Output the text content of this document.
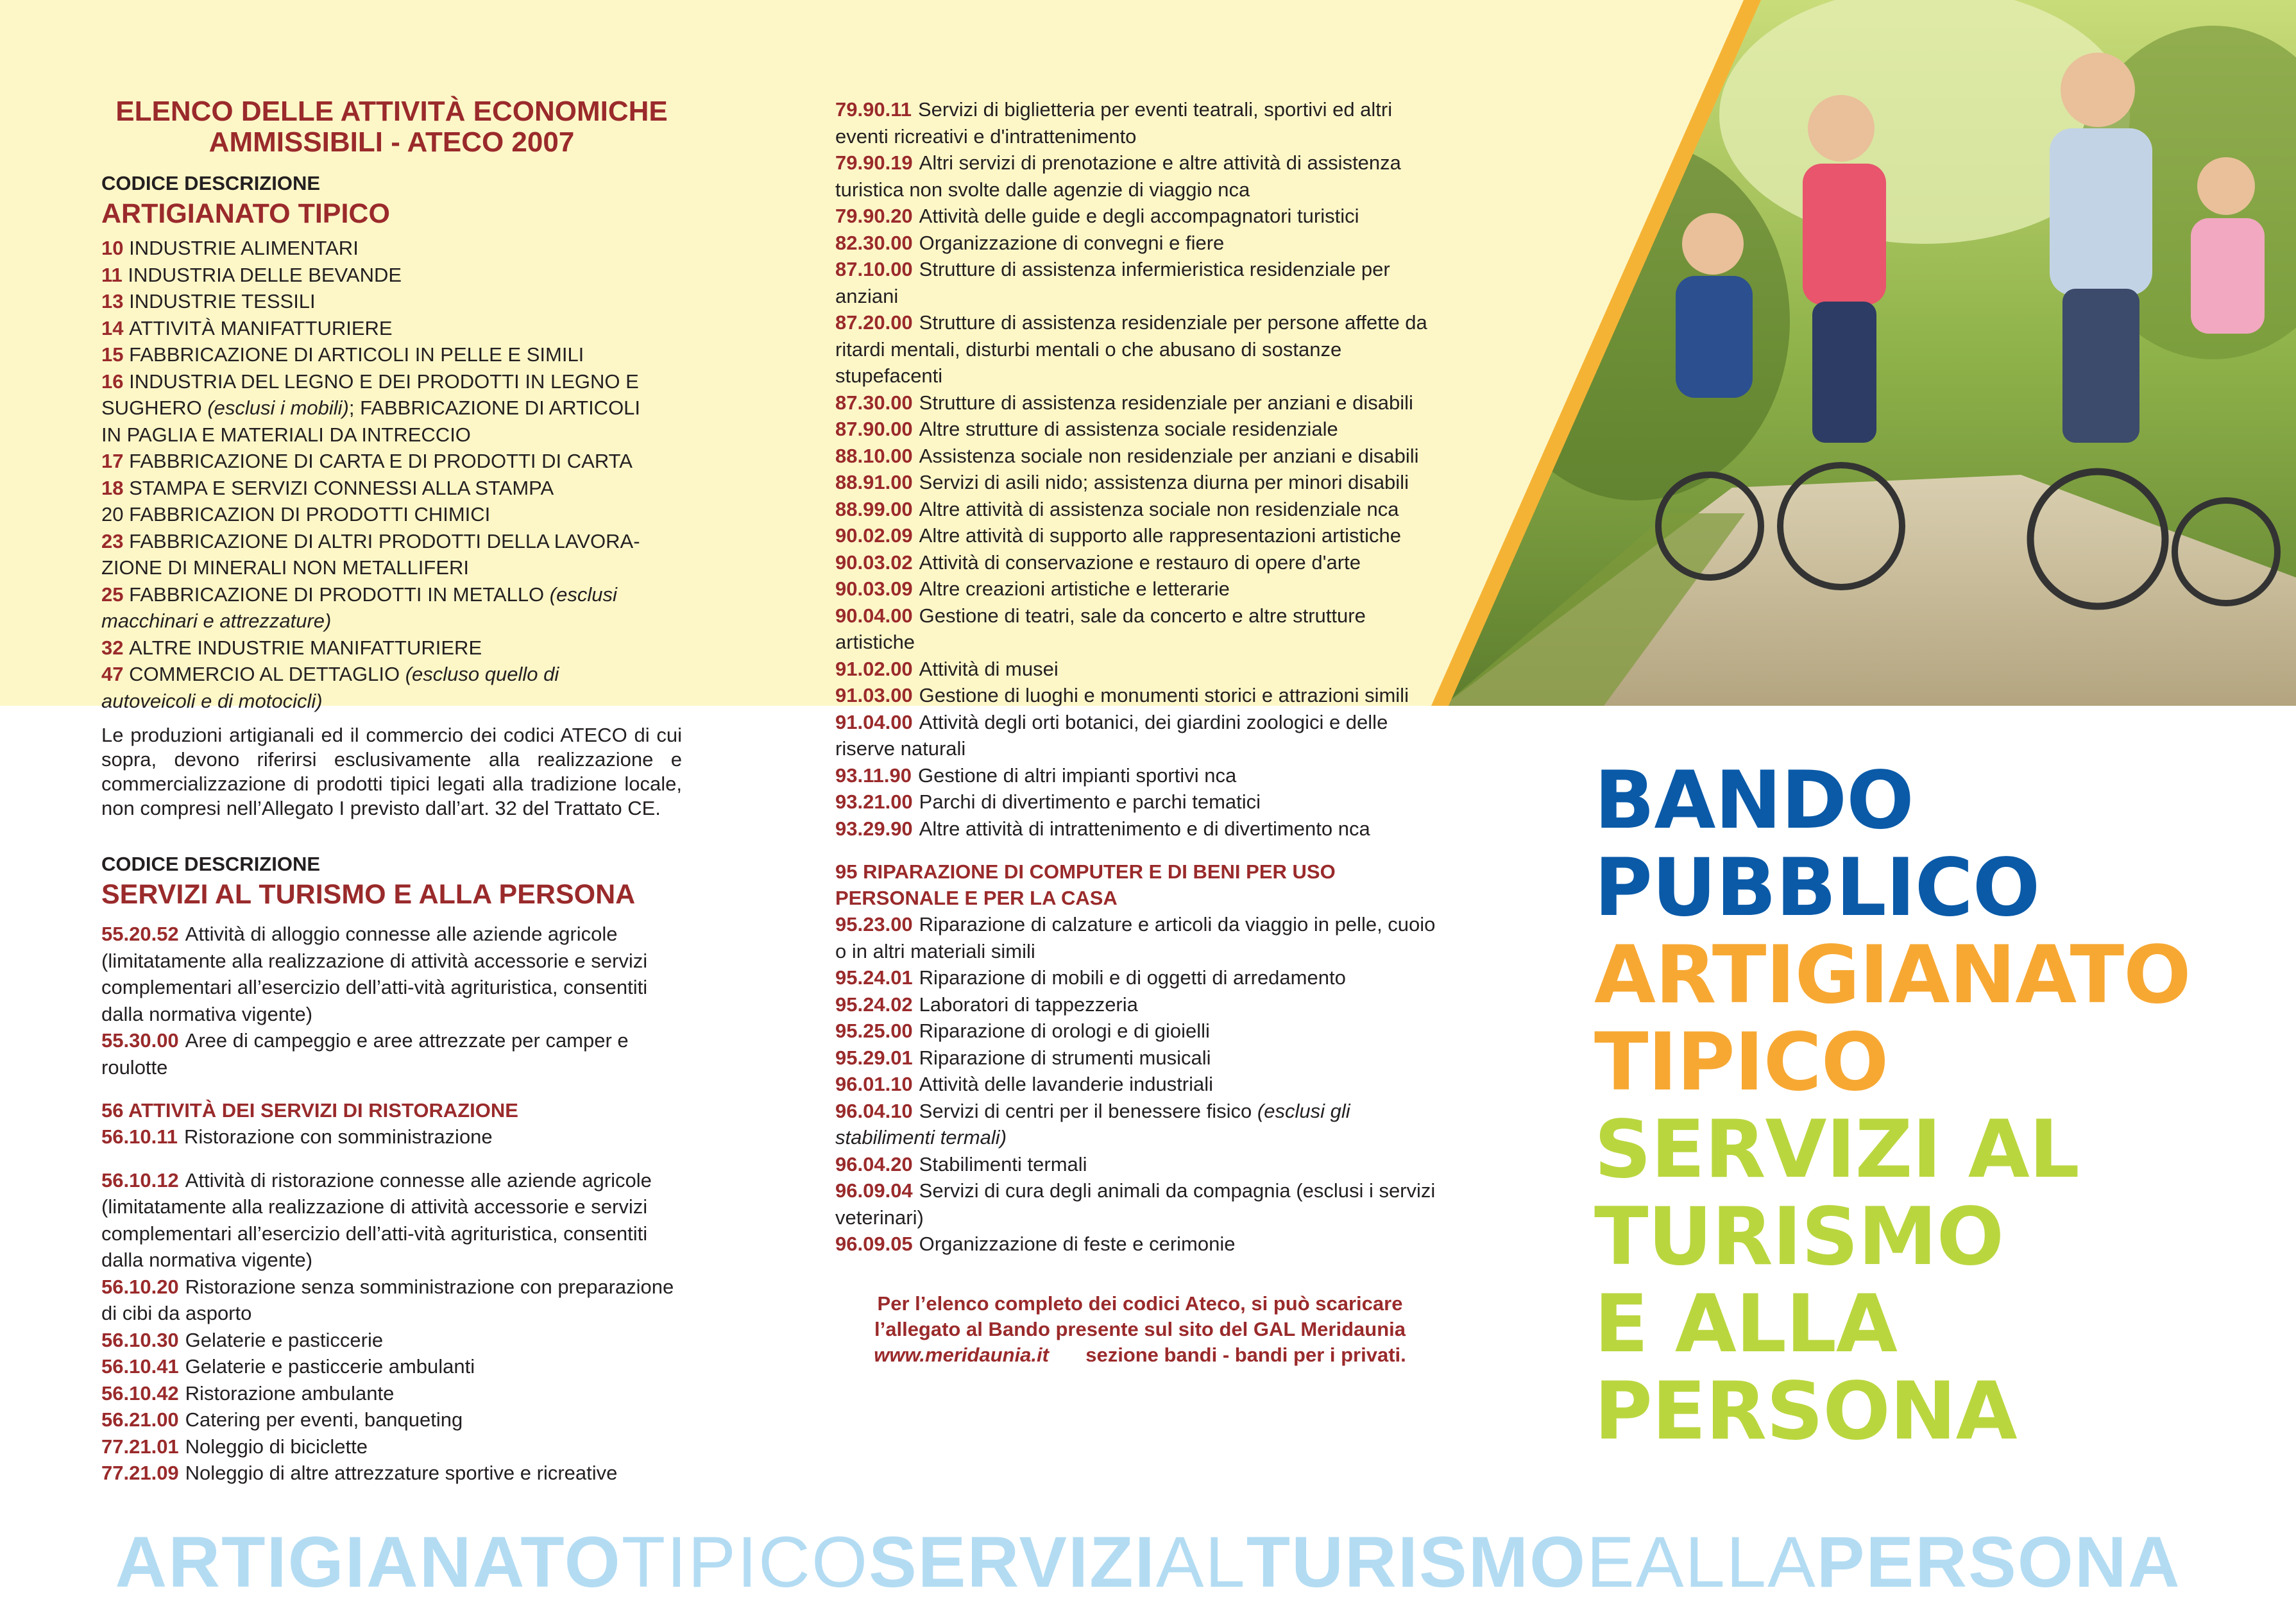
ELENCO DELLE ATTIVITÀ ECONOMICHE
AMMISSIBILI - ATECO 2007
CODICE DESCRIZIONE
ARTIGIANATO TIPICO
10 INDUSTRIE ALIMENTARI
11 INDUSTRIA DELLE BEVANDE
13 INDUSTRIE TESSILI
14 ATTIVITÀ MANIFATTURIERE
15 FABBRICAZIONE DI ARTICOLI IN PELLE E SIMILI
16 INDUSTRIA DEL LEGNO E DEI PRODOTTI IN LEGNO E
SUGHERO (esclusi i mobili); FABBRICAZIONE DI ARTICOLI
IN PAGLIA E MATERIALI DA INTRECCIO
17 FABBRICAZIONE DI CARTA E DI PRODOTTI DI CARTA
18 STAMPA E SERVIZI CONNESSI ALLA STAMPA
20 FABBRICAZION DI PRODOTTI CHIMICI
23 FABBRICAZIONE DI ALTRI PRODOTTI DELLA LAVORA-
ZIONE DI MINERALI NON METALLIFERI
25 FABBRICAZIONE DI PRODOTTI IN METALLO (esclusi
macchinari e attrezzature)
32 ALTRE INDUSTRIE MANIFATTURIERE
47 COMMERCIO AL DETTAGLIO (escluso quello di
autoveicoli e di motocicli)
Le produzioni artigianali ed il commercio dei codici ATECO di cui sopra, devono riferirsi esclusivamente alla realizzazione e commercializzazione di prodotti tipici legati alla tradizione locale, non compresi nell’Allegato I previsto dall’art. 32 del Trattato CE.
CODICE DESCRIZIONE
SERVIZI AL TURISMO E ALLA PERSONA
55.20.52 Attività di alloggio connesse alle aziende agricole (limitatamente alla realizzazione di attività accessorie e servizi complementari all’esercizio dell’atti-vità agrituristica, consentiti dalla normativa vigente)
55.30.00 Aree di campeggio e aree attrezzate per camper e roulotte
56 ATTIVITÀ DEI SERVIZI DI RISTORAZIONE
56.10.11 Ristorazione con somministrazione
56.10.12 Attività di ristorazione connesse alle aziende agricole (limitatamente alla realizzazione di attività accessorie e servizi complementari all’esercizio dell’atti-vità agrituristica, consentiti dalla normativa vigente)
56.10.20 Ristorazione senza somministrazione con preparazione di cibi da asporto
56.10.30 Gelaterie e pasticcerie
56.10.41 Gelaterie e pasticcerie ambulanti
56.10.42 Ristorazione ambulante
56.21.00 Catering per eventi, banqueting
77.21.01 Noleggio di biciclette
77.21.09 Noleggio di altre attrezzature sportive e ricreative
79.90.11 Servizi di biglietteria per eventi teatrali, sportivi ed altri eventi ricreativi e d'intrattenimento
79.90.19 Altri servizi di prenotazione e altre attività di assistenza turistica non svolte dalle agenzie di viaggio nca
79.90.20 Attività delle guide e degli accompagnatori turistici
82.30.00 Organizzazione di convegni e fiere
87.10.00 Strutture di assistenza infermieristica residenziale per anziani
87.20.00 Strutture di assistenza residenziale per persone affette da ritardi mentali, disturbi mentali o che abusano di sostanze stupefacenti
87.30.00 Strutture di assistenza residenziale per anziani e disabili
87.90.00 Altre strutture di assistenza sociale residenziale
88.10.00 Assistenza sociale non residenziale per anziani e disabili
88.91.00 Servizi di asili nido; assistenza diurna per minori disabili
88.99.00 Altre attività di assistenza sociale non residenziale nca
90.02.09 Altre attività di supporto alle rappresentazioni artistiche
90.03.02 Attività di conservazione e restauro di opere d'arte
90.03.09 Altre creazioni artistiche e letterarie
90.04.00 Gestione di teatri, sale da concerto e altre strutture artistiche
91.02.00 Attività di musei
91.03.00 Gestione di luoghi e monumenti storici e attrazioni simili
91.04.00 Attività degli orti botanici, dei giardini zoologici e delle riserve naturali
93.11.90 Gestione di altri impianti sportivi nca
93.21.00 Parchi di divertimento e parchi tematici
93.29.90 Altre attività di intrattenimento e di divertimento nca
95 RIPARAZIONE DI COMPUTER E DI BENI PER USO PERSONALE E PER LA CASA
95.23.00 Riparazione di calzature e articoli da viaggio in pelle, cuoio o in altri materiali simili
95.24.01 Riparazione di mobili e di oggetti di arredamento
95.24.02 Laboratori di tappezzeria
95.25.00 Riparazione di orologi e di gioielli
95.29.01 Riparazione di strumenti musicali
96.01.10 Attività delle lavanderie industriali
96.04.10 Servizi di centri per il benessere fisico (esclusi gli stabilimenti termali)
96.04.20 Stabilimenti termali
96.09.04 Servizi di cura degli animali da compagnia (esclusi i servizi veterinari)
96.09.05 Organizzazione di feste e cerimonie
Per l’elenco completo dei codici Ateco, si può scaricare
l’allegato al Bando presente sul sito del GAL Meridaunia
www.meridaunia.it sezione bandi - bandi per i privati.
BANDO
PUBBLICO
ARTIGIANATO
TIPICO
SERVIZI AL
TURISMO
E ALLA
PERSONA
ARTIGIANATOTIPICOSERVIZIALTURISMOEALLAPERSONA
